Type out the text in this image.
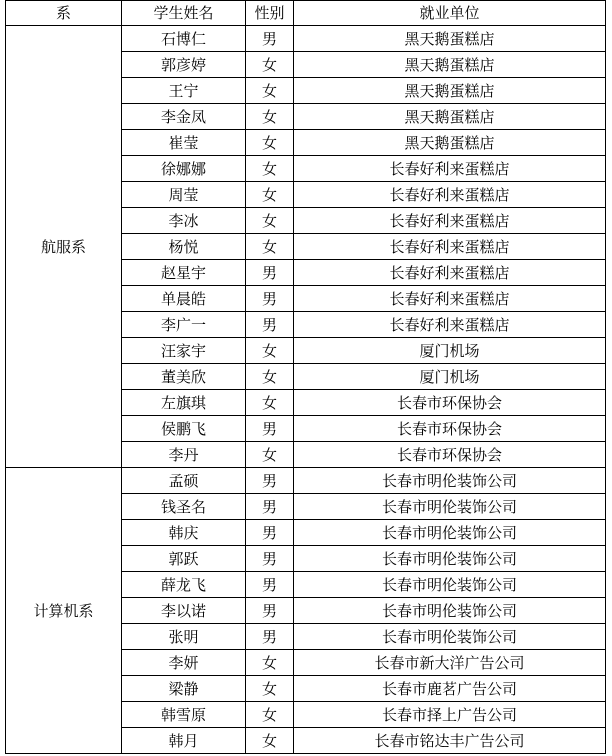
系	学生姓名	性别	就业单位
航服系	石博仁	男	黑天鹅蛋糕店
	郭彦婷	女	黑天鹅蛋糕店
	王宁	女	黑天鹅蛋糕店
	李金凤	女	黑天鹅蛋糕店
	崔莹	女	黑天鹅蛋糕店
	徐娜娜	女	长春好利来蛋糕店
	周莹	女	长春好利来蛋糕店
	李冰	女	长春好利来蛋糕店
	杨悦	女	长春好利来蛋糕店
	赵星宇	男	长春好利来蛋糕店
	单晨皓	男	长春好利来蛋糕店
	李广一	男	长春好利来蛋糕店
	汪家宇	女	厦门机场
	董美欣	女	厦门机场
	左旗琪	女	长春市环保协会
	侯鹏飞	男	长春市环保协会
	李丹	女	长春市环保协会
计算机系	孟硕	男	长春市明伦装饰公司
	钱圣名	男	长春市明伦装饰公司
	韩庆	男	长春市明伦装饰公司
	郭跃	男	长春市明伦装饰公司
	薛龙飞	男	长春市明伦装饰公司
	李以诺	男	长春市明伦装饰公司
	张明	男	长春市明伦装饰公司
	李妍	女	长春市新大洋广告公司
	梁静	女	长春市鹿茗广告公司
	韩雪原	女	长春市择上广告公司
	韩月	女	长春市铭达丰广告公司
